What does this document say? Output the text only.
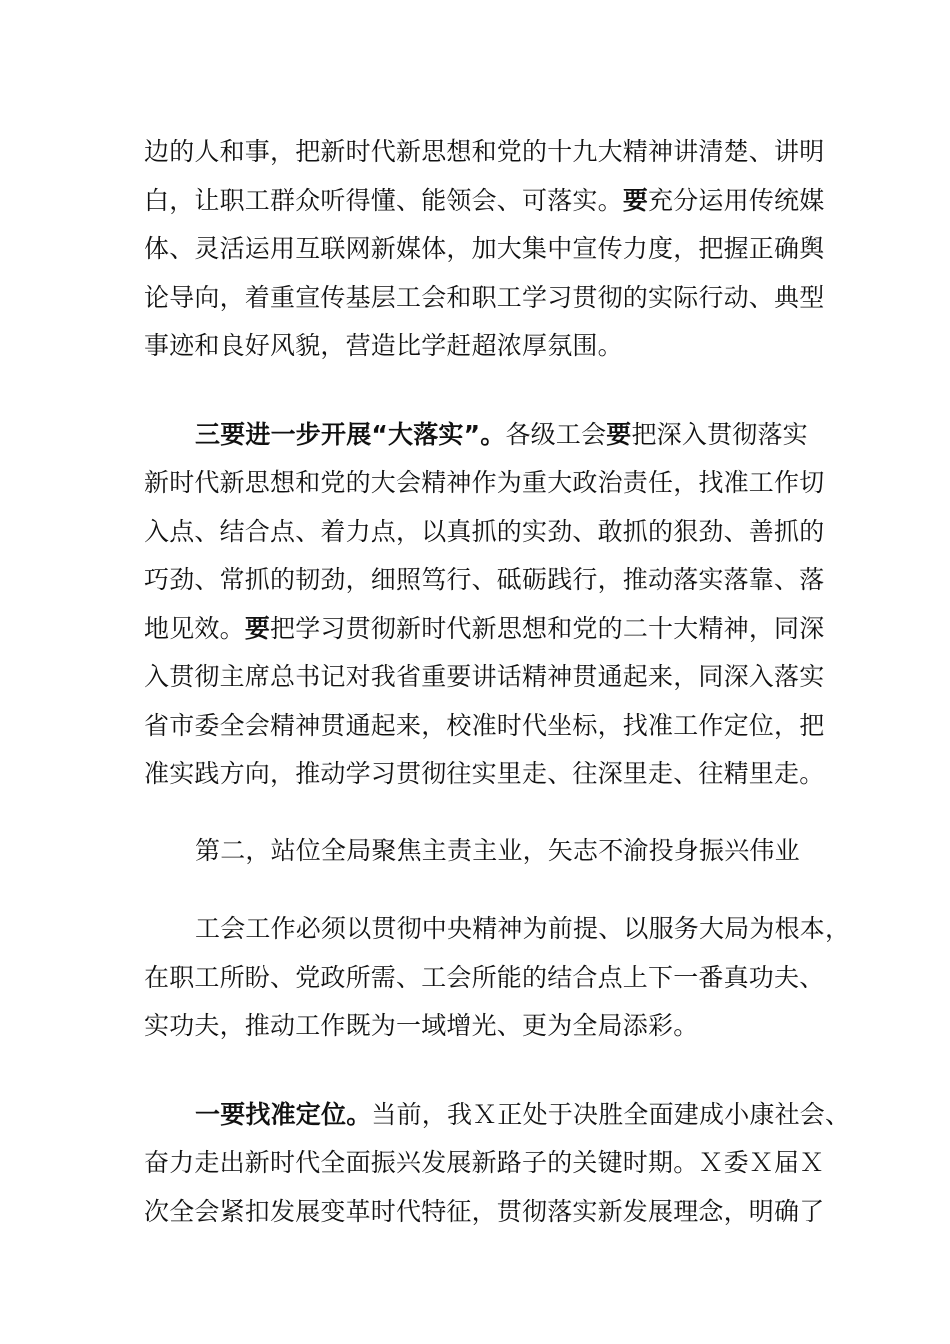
边的人和事，把新时代新思想和党的十九大精神讲清楚、讲明
白，让职工群众听得懂、能领会、可落实。要充分运用传统媒
体、灵活运用互联网新媒体，加大集中宣传力度，把握正确舆
论导向，着重宣传基层工会和职工学习贯彻的实际行动、典型
事迹和良好风貌，营造比学赶超浓厚氛围。
三要进一步开展“大落实”。各级工会要把深入贯彻落实
新时代新思想和党的大会精神作为重大政治责任，找准工作切
入点、结合点、着力点，以真抓的实劲、敢抓的狠劲、善抓的
巧劲、常抓的韧劲，细照笃行、砥砺践行，推动落实落靠、落
地见效。要把学习贯彻新时代新思想和党的二十大精神，同深
入贯彻主席总书记对我省重要讲话精神贯通起来，同深入落实
省市委全会精神贯通起来，校准时代坐标，找准工作定位，把
准实践方向，推动学习贯彻往实里走、往深里走、往精里走。
第二，站位全局聚焦主责主业，矢志不渝投身振兴伟业
工会工作必须以贯彻中央精神为前提、以服务大局为根本，
在职工所盼、党政所需、工会所能的结合点上下一番真功夫、
实功夫，推动工作既为一域增光、更为全局添彩。
一要找准定位。当前，我Ｘ正处于决胜全面建成小康社会、
奋力走出新时代全面振兴发展新路子的关键时期。Ｘ委Ｘ届Ｘ
次全会紧扣发展变革时代特征，贯彻落实新发展理念，明确了
